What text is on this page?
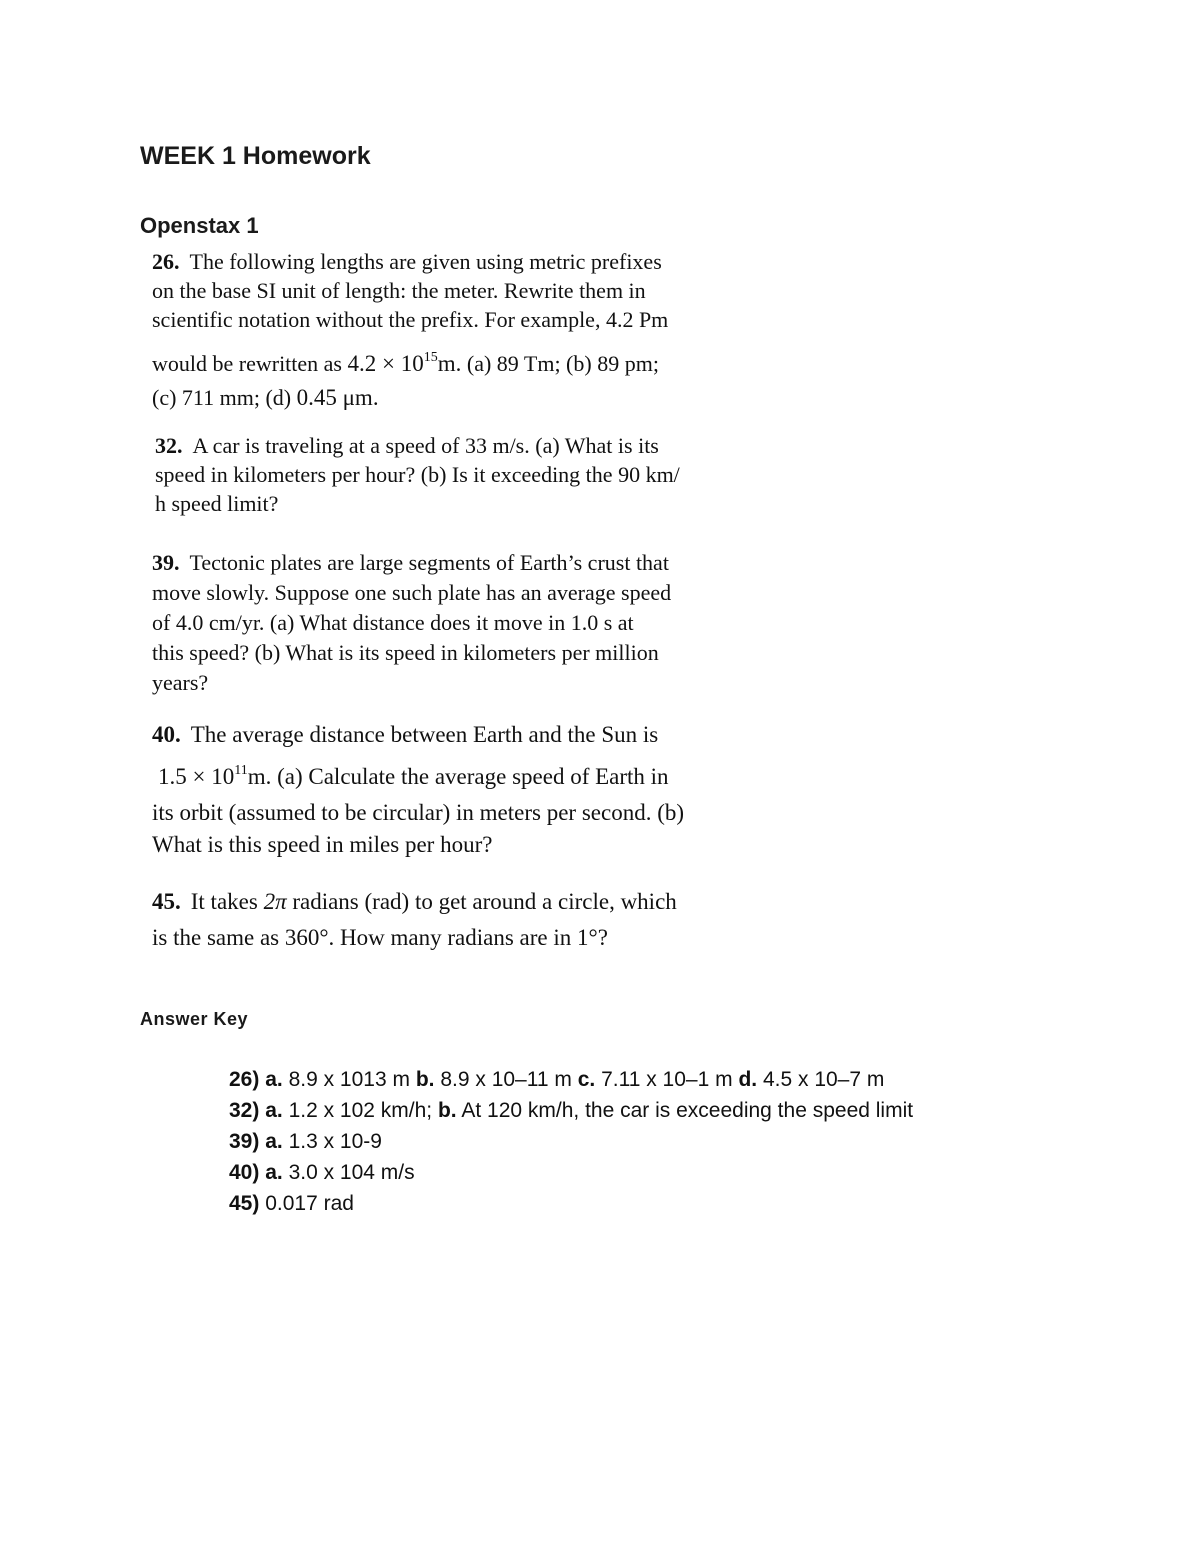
WEEK 1 Homework
Openstax 1
26. The following lengths are given using metric prefixes
on the base SI unit of length: the meter. Rewrite them in
scientific notation without the prefix. For example, 4.2 Pm
would be rewritten as $4.2 \times 10^{15}m$. (a) 89 Tm; (b) 89 pm;
(c) 711 mm; (d) 0.45 μm.
32. A car is traveling at a speed of 33 m/s. (a) What is its
speed in kilometers per hour? (b) Is it exceeding the 90 km/
h speed limit?
39. Tectonic plates are large segments of Earth’s crust that
move slowly. Suppose one such plate has an average speed
of 4.0 cm/yr. (a) What distance does it move in 1.0 s at
this speed? (b) What is its speed in kilometers per million
years?
40. The average distance between Earth and the Sun is
$1.5 \times 10^{11}m$. (a) Calculate the average speed of Earth in
its orbit (assumed to be circular) in meters per second. (b)
What is this speed in miles per hour?
45. It takes 2π radians (rad) to get around a circle, which
is the same as 360°. How many radians are in 1°?
Answer Key
26) a. 8.9 x 1013 m b. 8.9 x 10–11 m c. 7.11 x 10–1 m d. 4.5 x 10–7 m
32) a. 1.2 x 102 km/h; b. At 120 km/h, the car is exceeding the speed limit
39) a. 1.3 x 10-9
40) a. 3.0 x 104 m/s
45) 0.017 rad
